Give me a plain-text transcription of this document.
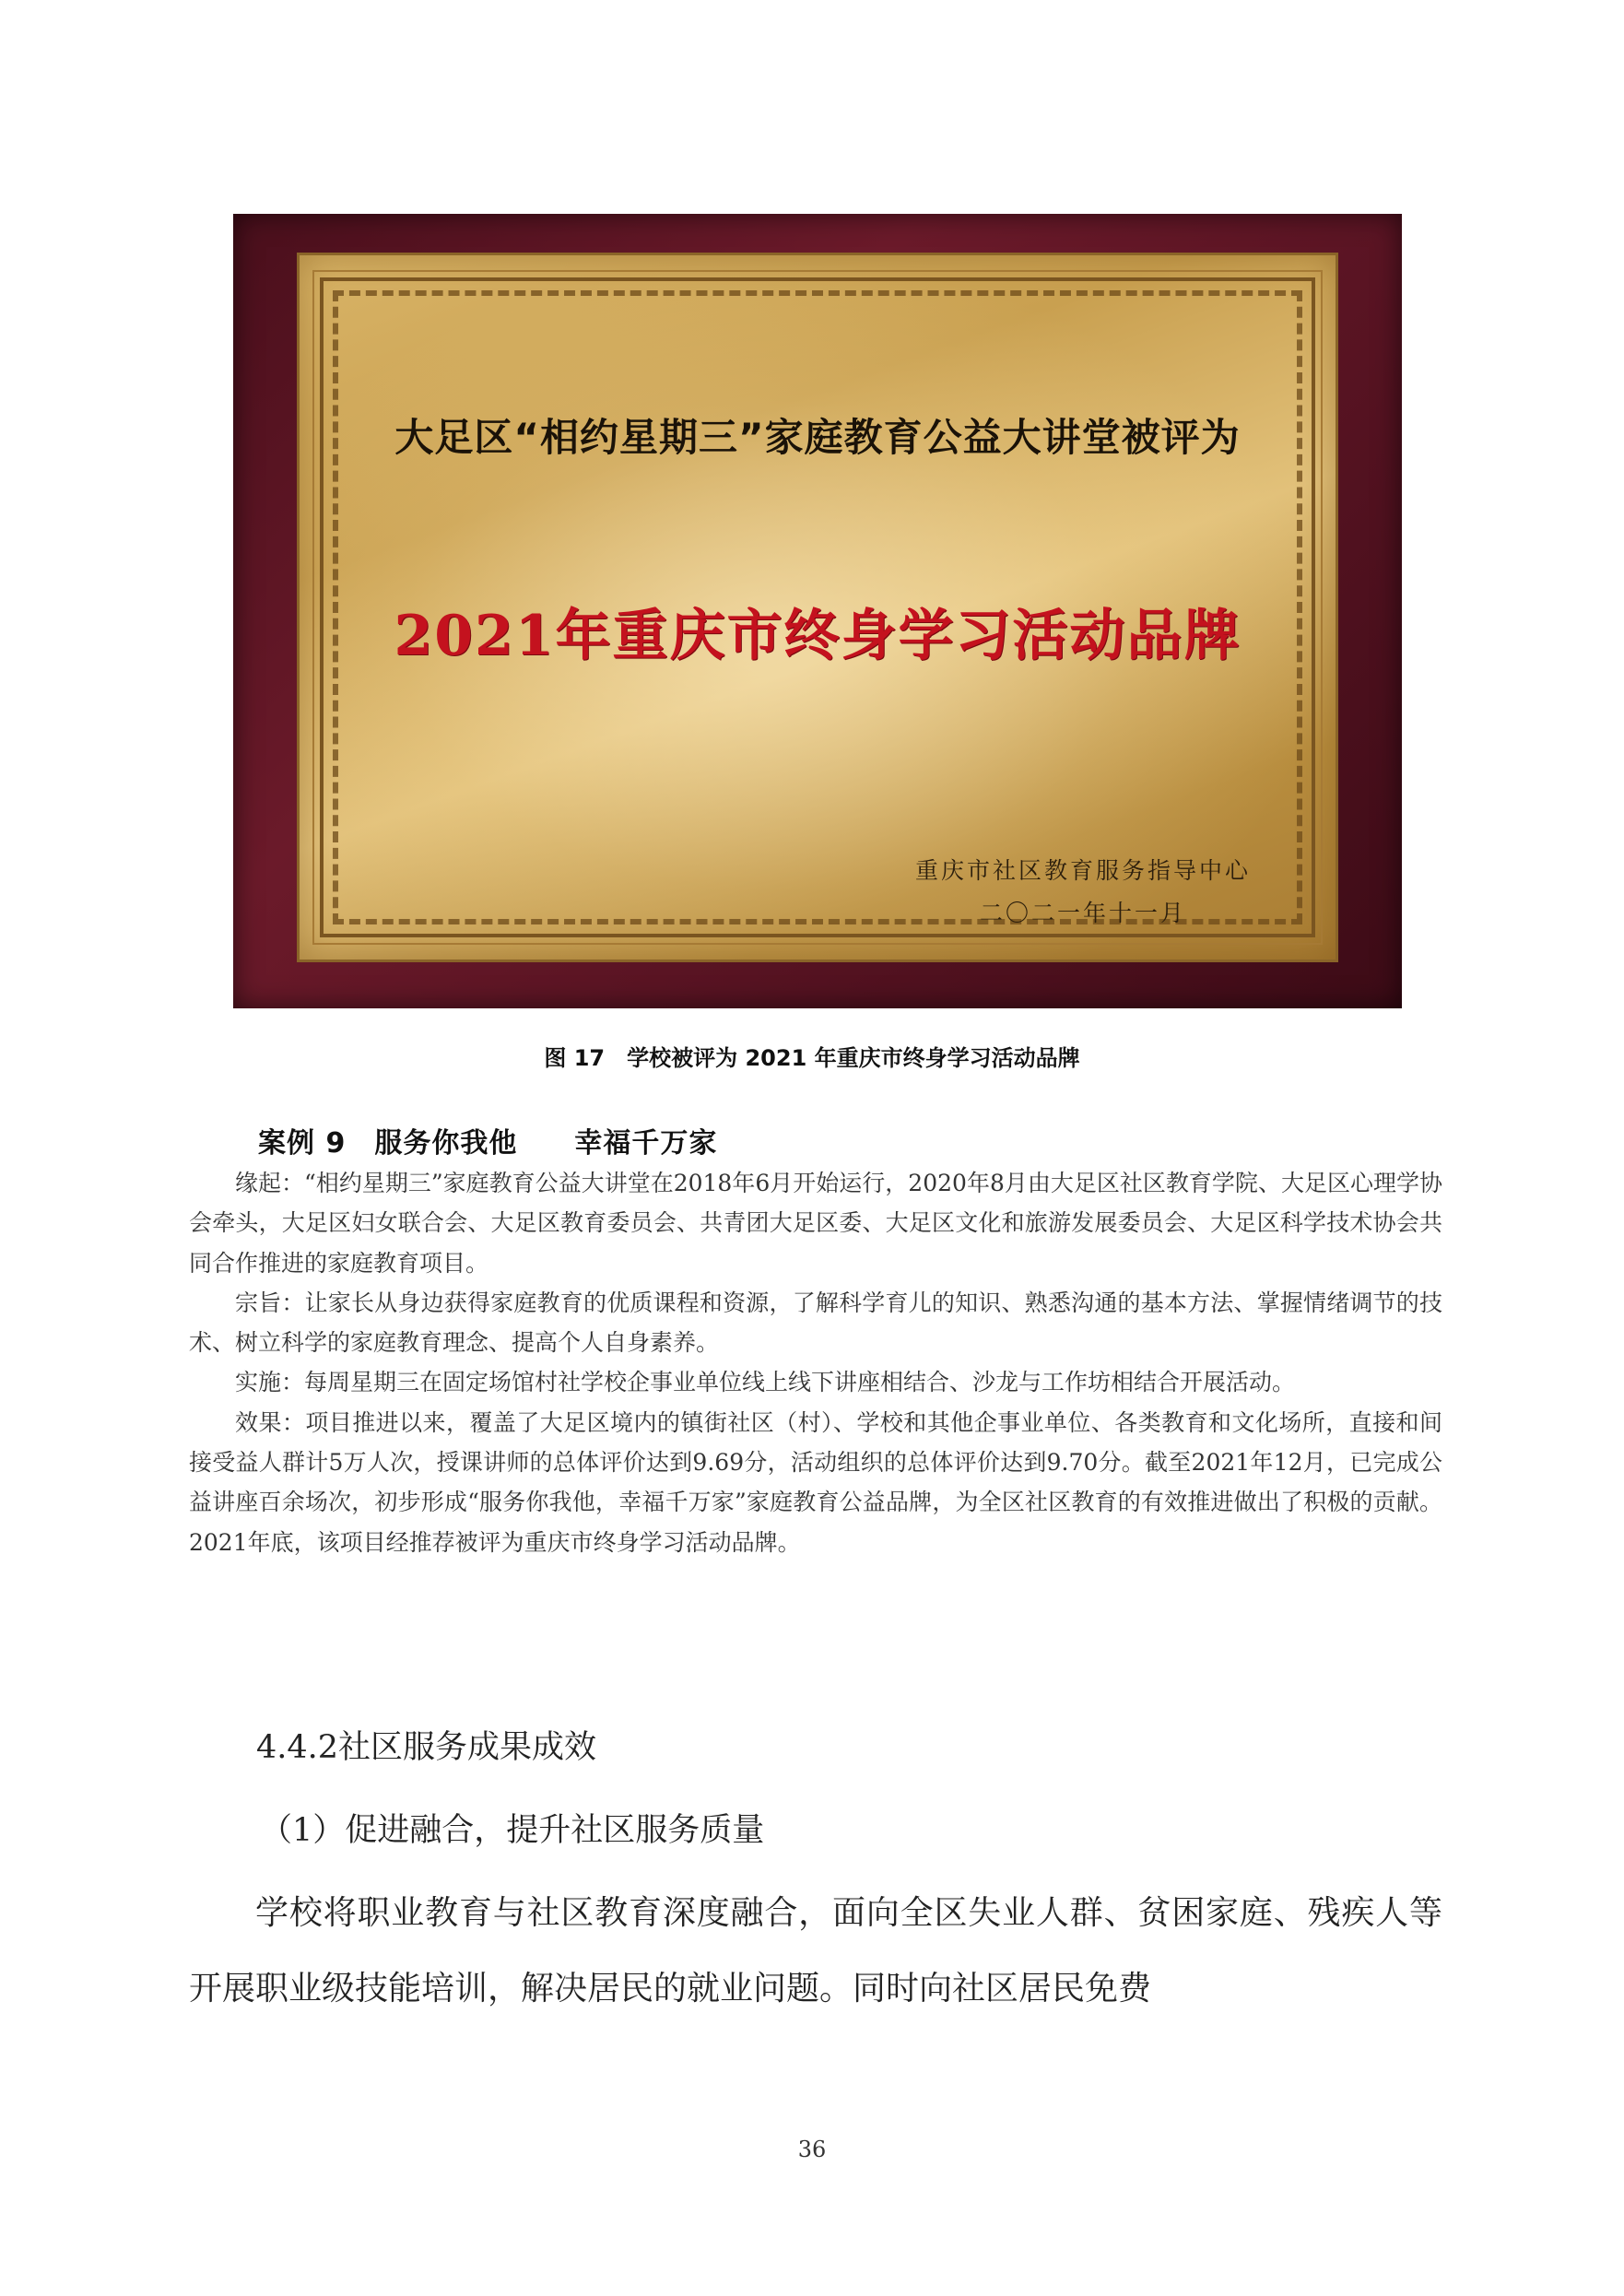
大足区“相约星期三”家庭教育公益大讲堂被评为
2021年重庆市终身学习活动品牌
重庆市社区教育服务指导中心
二〇二一年十一月
图 17　学校被评为 2021 年重庆市终身学习活动品牌
案例 9　服务你我他　　幸福千万家

缘起：“相约星期三”家庭教育公益大讲堂在2018年6月开始运行，2020年8月由大足区社区教育学院、大足区心理学协会牵头，大足区妇女联合会、大足区教育委员会、共青团大足区委、大足区文化和旅游发展委员会、大足区科学技术协会共同合作推进的家庭教育项目。

宗旨：让家长从身边获得家庭教育的优质课程和资源，了解科学育儿的知识、熟悉沟通的基本方法、掌握情绪调节的技术、树立科学的家庭教育理念、提高个人自身素养。

实施：每周星期三在固定场馆村社学校企事业单位线上线下讲座相结合、沙龙与工作坊相结合开展活动。

效果：项目推进以来，覆盖了大足区境内的镇街社区（村）、学校和其他企事业单位、各类教育和文化场所，直接和间接受益人群计5万人次，授课讲师的总体评价达到9.69分，活动组织的总体评价达到9.70分。截至2021年12月，已完成公益讲座百余场次，初步形成“服务你我他，幸福千万家”家庭教育公益品牌，为全区社区教育的有效推进做出了积极的贡献。2021年底，该项目经推荐被评为重庆市终身学习活动品牌。

4.4.2社区服务成果成效
（1）促进融合，提升社区服务质量

学校将职业教育与社区教育深度融合，面向全区失业人群、贫困家庭、残疾人等开展职业级技能培训，解决居民的就业问题。同时向社区居民免费

36
